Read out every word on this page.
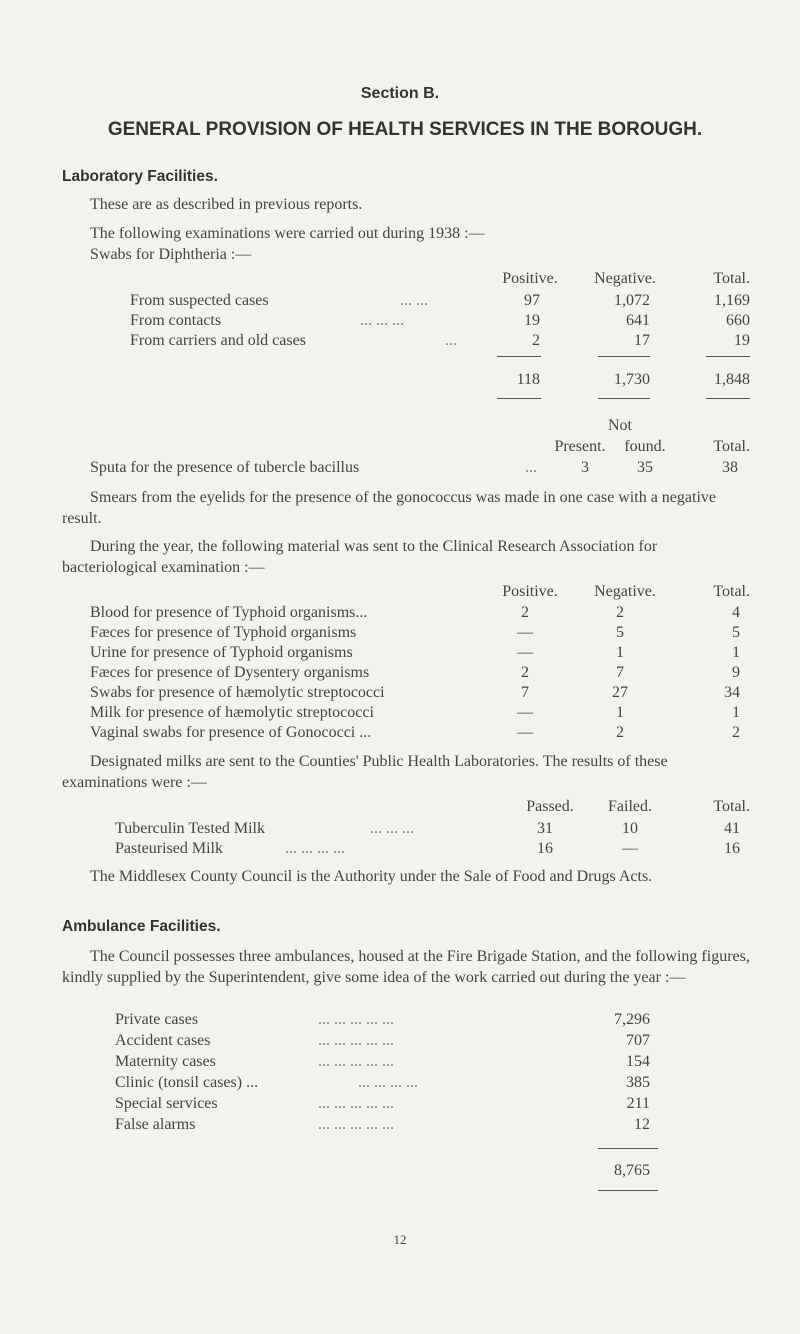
Section B.
GENERAL PROVISION OF HEALTH SERVICES IN THE BOROUGH.
Laboratory Facilities.
These are as described in previous reports.
The following examinations were carried out during 1938 :—
Swabs for Diphtheria :—
Positive.	Negative.	Total.
From suspected cases	... ...	97	1,072	1,169
From contacts	... ... ...	19	641	660
From carriers and old cases	...	2	17	19
118	1,730	1,848
Not
Present.	found.	Total.
Sputa for the presence of tubercle bacillus	...	3	35	38
Smears from the eyelids for the presence of the gonococcus was made in one case with a negative result.
During the year, the following material was sent to the Clinical Research Association for bacteriological examination :—
Positive.	Negative.	Total.
Blood for presence of Typhoid organisms...	2	2	4
Fæces for presence of Typhoid organisms	—	5	5
Urine for presence of Typhoid organisms	—	1	1
Fæces for presence of Dysentery organisms	2	7	9
Swabs for presence of hæmolytic streptococci	7	27	34
Milk for presence of hæmolytic streptococci	—	1	1
Vaginal swabs for presence of Gonococci ...	—	2	2
Designated milks are sent to the Counties' Public Health Laboratories. The results of these examinations were :—
Passed.	Failed.	Total.
Tuberculin Tested Milk	... ... ...	31	10	41
Pasteurised Milk	... ... ... ...	16	—	16
The Middlesex County Council is the Authority under the Sale of Food and Drugs Acts.
Ambulance Facilities.
The Council possesses three ambulances, housed at the Fire Brigade Station, and the following figures, kindly supplied by the Superintendent, give some idea of the work carried out during the year :—
Private cases	... ... ... ... ...	7,296
Accident cases	... ... ... ... ...	707
Maternity cases	... ... ... ... ...	154
Clinic (tonsil cases) ...	... ... ... ...	385
Special services	... ... ... ... ...	211
False alarms	... ... ... ... ...	12
8,765
12
